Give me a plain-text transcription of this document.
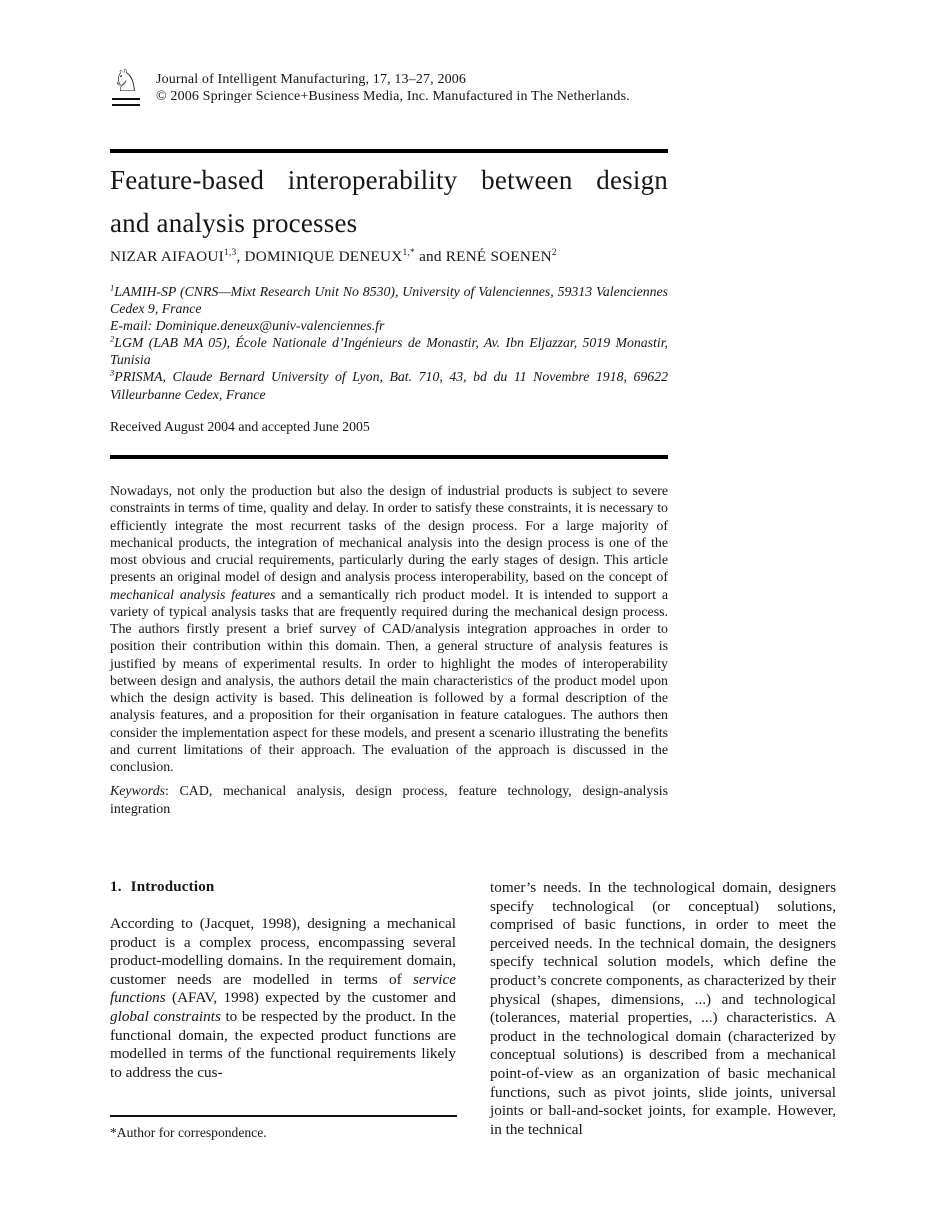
♘	Journal of Intelligent Manufacturing, 17, 13–27, 2006
© 2006 Springer Science+Business Media, Inc. Manufactured in The Netherlands.
Feature-based interoperability between design
and analysis processes
NIZAR AIFAOUI$^{1,3}$, DOMINIQUE $DENEUX^{1,*}$ and RENÉ SOENEN$^2$

$^1$LAMIH-SP (CNRS—Mixt Research Unit No 8530), University of Valenciennes, 59313 Valenciennes Cedex 9, France

E-mail: Dominique.deneux@univ-valenciennes.fr

$^2$LGM (LAB MA 05), École Nationale d’Ingénieurs de Monastir, Av. Ibn Eljazzar, 5019 Monastir, Tunisia

$^3$PRISMA, Claude Bernard University of Lyon, Bat. 710, 43, bd du 11 Novembre 1918, 69622 Villeurbanne Cedex, France

Received August 2004 and accepted June 2005

Nowadays, not only the production but also the design of industrial products is subject to severe constraints in terms of time, quality and delay. In order to satisfy these constraints, it is necessary to efficiently integrate the most recurrent tasks of the design process. For a large majority of mechanical products, the integration of mechanical analysis into the design process is one of the most obvious and crucial requirements, particularly during the early stages of design. This article presents an original model of design and analysis process interoperability, based on the concept of mechanical analysis features and a semantically rich product model. It is intended to support a variety of typical analysis tasks that are frequently required during the mechanical design process. The authors firstly present a brief survey of CAD/analysis integration approaches in order to position their contribution within this domain. Then, a general structure of analysis features is justified by means of experimental results. In order to highlight the modes of interoperability between design and analysis, the authors detail the main characteristics of the product model upon which the design activity is based. This delineation is followed by a formal description of the analysis features, and a proposition for their organisation in feature catalogues. The authors then consider the implementation aspect for these models, and present a scenario illustrating the benefits and current limitations of their approach. The evaluation of the approach is discussed in the conclusion.

Keywords: CAD, mechanical analysis, design process, feature technology, design-analysis integration

1. Introduction

According to (Jacquet, 1998), designing a mechanical product is a complex process, encompassing several product-modelling domains. In the requirement domain, customer needs are modelled in terms of service functions (AFAV, 1998) expected by the customer and global constraints to be respected by the product. In the functional domain, the expected product functions are modelled in terms of the functional requirements likely to address the cus-

tomer’s needs. In the technological domain, designers specify technological (or conceptual) solutions, comprised of basic functions, in order to meet the perceived needs. In the technical domain, the designers specify technical solution models, which define the product’s concrete components, as characterized by their physical (shapes, dimensions, ...) and technological (tolerances, material properties, ...) characteristics. A product in the technological domain (characterized by conceptual solutions) is described from a mechanical point-of-view as an organization of basic mechanical functions, such as pivot joints, slide joints, universal joints or ball-and-socket joints, for example. However, in the technical

*Author for correspondence.
